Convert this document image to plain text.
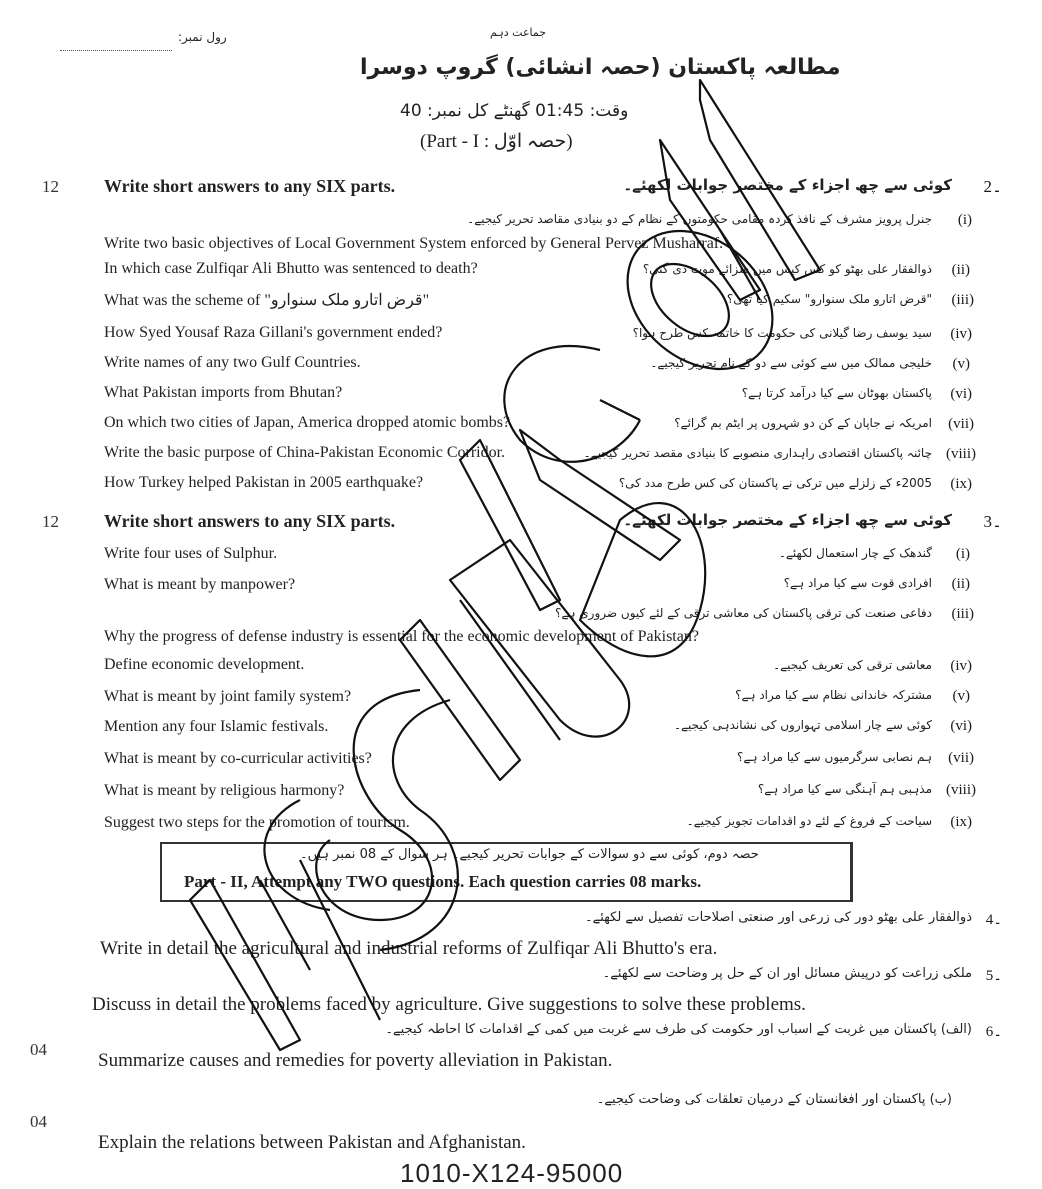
رول نمبر:	جماعت دہم
مطالعہ پاکستان (حصہ انشائی) گروپ دوسرا
وقت: 01:45 گھنٹے کل نمبر: 40
(Part - I : حصہ اوّل)
12	Write short answers to any SIX parts.	کوئی سے چھ اجزاء کے مختصر جوابات لکھئے۔ 2۔
جنرل پرویز مشرف کے نافذ کردہ مقامی حکومتوں کے نظام کے دو بنیادی مقاصد تحریر کیجیے۔ (i)
Write two basic objectives of Local Government System enforced by General Pervez Musharraf.
In which case Zulfiqar Ali Bhutto was sentenced to death?	ذوالفقار علی بھٹو کو کس کیس میں سزائے موت دی گئی؟ (ii)
What was the scheme of "قرض اتارو ملک سنوارو"	"قرض اتارو ملک سنوارو" سکیم کیا تھی؟ (iii)
How Syed Yousaf Raza Gillani's government ended?	سید یوسف رضا گیلانی کی حکومت کا خاتمہ کس طرح ہوا؟ (iv)
Write names of any two Gulf Countries.	خلیجی ممالک میں سے کوئی سے دو کے نام تحریر کیجیے۔ (v)
What Pakistan imports from Bhutan?	پاکستان بھوٹان سے کیا درآمد کرتا ہے؟ (vi)
On which two cities of Japan, America dropped atomic bombs?	امریکہ نے جاپان کے کن دو شہروں پر ایٹم بم گرائے؟ (vii)
Write the basic purpose of China-Pakistan Economic Corridor.	چائنہ پاکستان اقتصادی راہداری منصوبے کا بنیادی مقصد تحریر کیجیے۔ (viii)
How Turkey helped Pakistan in 2005 earthquake?	2005ء کے زلزلے میں ترکی نے پاکستان کی کس طرح مدد کی؟ (ix)
12	Write short answers to any SIX parts.	کوئی سے چھ اجزاء کے مختصر جوابات لکھئے۔ 3۔
Write four uses of Sulphur.	گندھک کے چار استعمال لکھئے۔ (i)
What is meant by manpower?	افرادی قوت سے کیا مراد ہے؟ (ii)
دفاعی صنعت کی ترقی پاکستان کی معاشی ترقی کے لئے کیوں ضروری ہے؟ (iii)
Why the progress of defense industry is essential for the economic development of Pakistan?
Define economic development.	معاشی ترقی کی تعریف کیجیے۔ (iv)
What is meant by joint family system?	مشترکہ خاندانی نظام سے کیا مراد ہے؟ (v)
Mention any four Islamic festivals.	کوئی سے چار اسلامی تہواروں کی نشاندہی کیجیے۔ (vi)
What is meant by co-curricular activities?	ہم نصابی سرگرمیوں سے کیا مراد ہے؟ (vii)
What is meant by religious harmony?	مذہبی ہم آہنگی سے کیا مراد ہے؟ (viii)
Suggest two steps for the promotion of tourism.	سیاحت کے فروغ کے لئے دو اقدامات تجویز کیجیے۔ (ix)
حصہ دوم، کوئی سے دو سوالات کے جوابات تحریر کیجیے۔ ہر سوال کے 08 نمبر ہیں۔
Part - II, Attempt any TWO questions. Each question carries 08 marks.
ذوالفقار علی بھٹو دور کی زرعی اور صنعتی اصلاحات تفصیل سے لکھئے۔ 4۔
Write in detail the agricultural and industrial reforms of Zulfiqar Ali Bhutto's era.
ملکی زراعت کو درپیش مسائل اور ان کے حل پر وضاحت سے لکھئے۔ 5۔
Discuss in detail the problems faced by agriculture. Give suggestions to solve these problems.
04
(الف) پاکستان میں غربت کے اسباب اور حکومت کی طرف سے غربت میں کمی کے اقدامات کا احاطہ کیجیے۔ 6۔
Summarize causes and remedies for poverty alleviation in Pakistan.
04
(ب) پاکستان اور افغانستان کے درمیان تعلقات کی وضاحت کیجیے۔
Explain the relations between Pakistan and Afghanistan.
1010-X124-95000
